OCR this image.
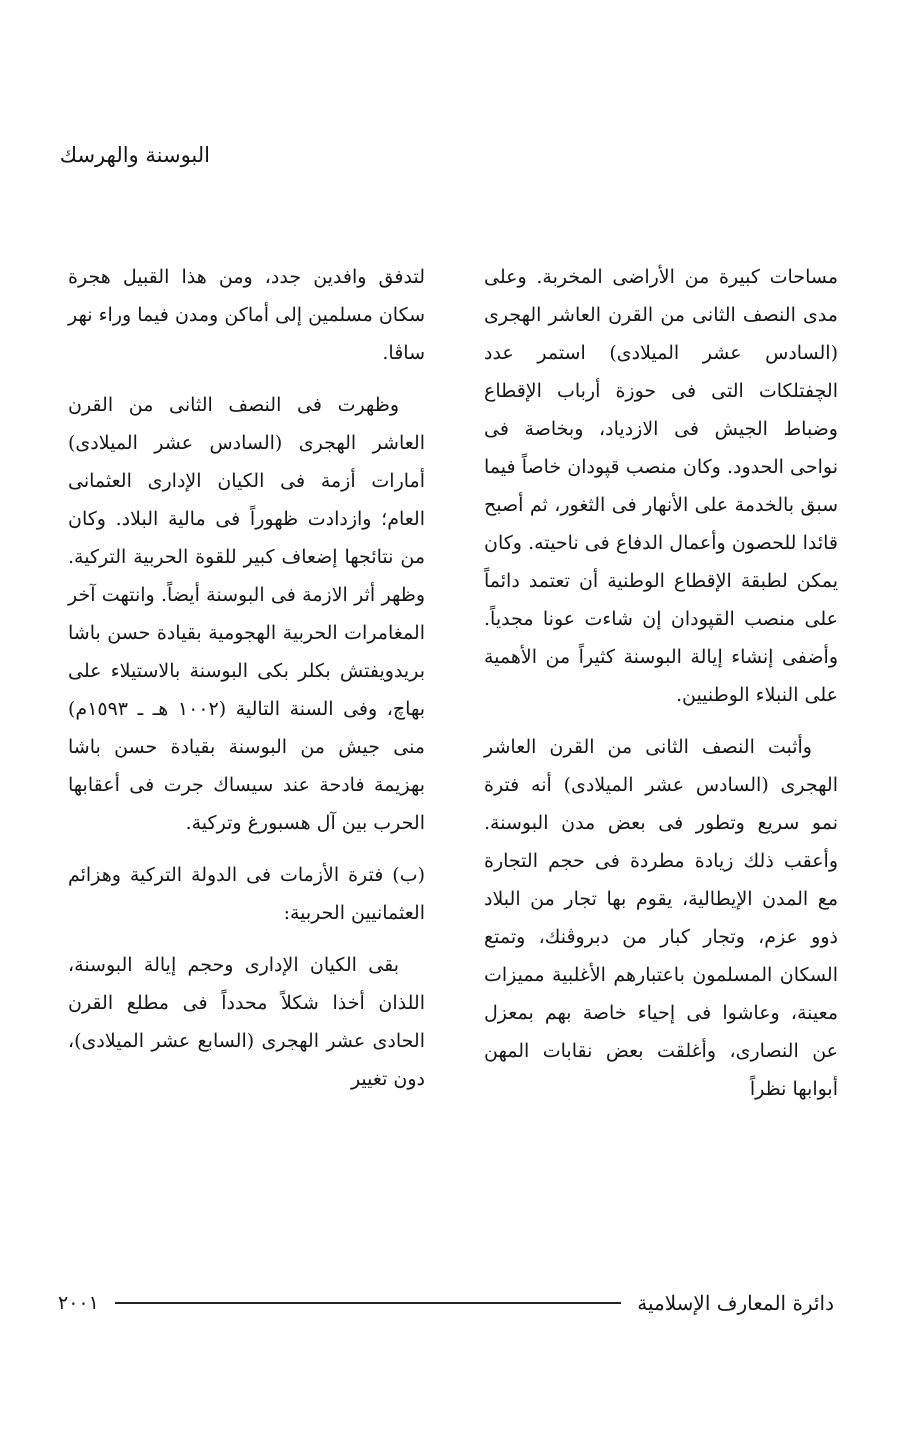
البوسنة والهرسك

مساحات كبيرة من الأراضى المخربة. وعلى مدى النصف الثانى من القرن العاشر الهجرى (السادس عشر الميلادى) استمر عدد الچفتلكات التى فى حوزة أرباب الإقطاع وضباط الجيش فى الازدياد، وبخاصة فى نواحى الحدود. وكان منصب قپودان خاصاً فيما سبق بالخدمة على الأنهار فى الثغور، ثم أصبح قائدا للحصون وأعمال الدفاع فى ناحيته. وكان يمكن لطبقة الإقطاع الوطنية أن تعتمد دائماً على منصب القپودان إن شاءت عونا مجدياً. وأضفى إنشاء إيالة البوسنة كثيراً من الأهمية على النبلاء الوطنيين.

وأثبت النصف الثانى من القرن العاشر الهجرى (السادس عشر الميلادى) أنه فترة نمو سريع وتطور فى بعض مدن البوسنة. وأعقب ذلك زيادة مطردة فى حجم التجارة مع المدن الإيطالية، يقوم بها تجار من البلاد ذوو عزم، وتجار كبار من دبروڤنك، وتمتع السكان المسلمون باعتبارهم الأغلبية مميزات معينة، وعاشوا فى إحياء خاصة بهم بمعزل عن النصارى، وأغلقت بعض نقابات المهن أبوابها نظراً

لتدفق وافدين جدد، ومن هذا القبيل هجرة سكان مسلمين إلى أماكن ومدن فيما وراء نهر ساڤا.

وظهرت فى النصف الثانى من القرن العاشر الهجرى (السادس عشر الميلادى) أمارات أزمة فى الكيان الإدارى العثمانى العام؛ وازدادت ظهوراً فى مالية البلاد. وكان من نتائجها إضعاف كبير للقوة الحربية التركية. وظهر أثر الازمة فى البوسنة أيضاً. وانتهت آخر المغامرات الحربية الهجومية بقيادة حسن باشا بريدويفتش بكلر بكى البوسنة بالاستيلاء على بهاچ، وفى السنة التالية (١٠٠٢ هـ ـ ١٥٩٣م) منى جيش من البوسنة بقيادة حسن باشا بهزيمة فادحة عند سيساك جرت فى أعقابها الحرب بين آل هسبورغ وتركية.

(ب) فترة الأزمات فى الدولة التركية وهزائم العثمانيين الحربية:

بقى الكيان الإدارى وحجم إيالة البوسنة، اللذان أخذا شكلاً محدداً فى مطلع القرن الحادى عشر الهجرى (السابع عشر الميلادى)، دون تغيير

٢٠٠١	دائرة المعارف الإسلامية
